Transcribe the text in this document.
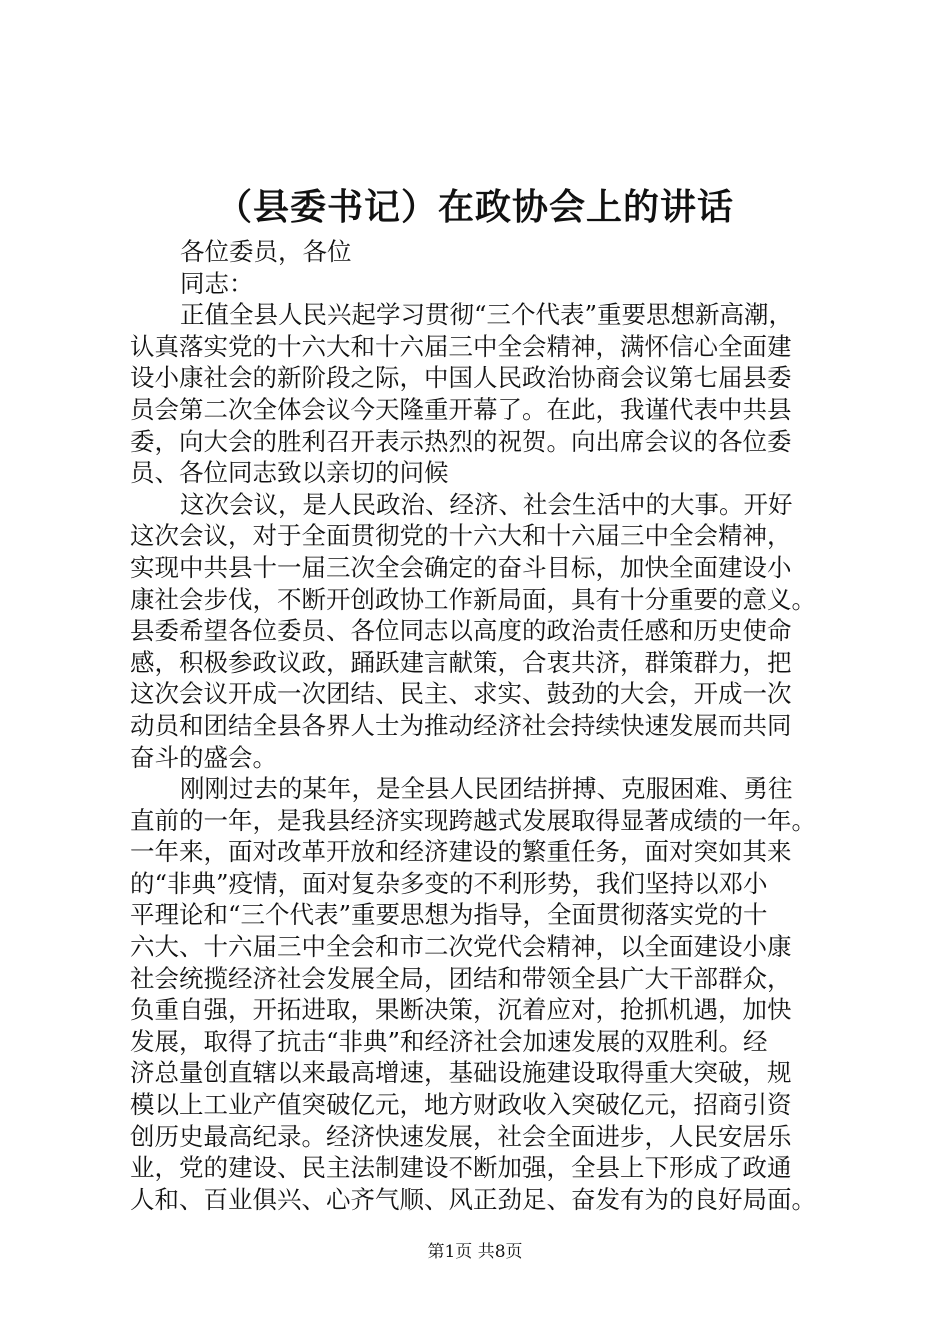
（县委书记）在政协会上的讲话
各位委员，各位
同志：
正值全县人民兴起学习贯彻“三个代表”重要思想新高潮，
认真落实党的十六大和十六届三中全会精神，满怀信心全面建
设小康社会的新阶段之际，中国人民政治协商会议第七届县委
员会第二次全体会议今天隆重开幕了。在此，我谨代表中共县
委，向大会的胜利召开表示热烈的祝贺。向出席会议的各位委
员、各位同志致以亲切的问候
这次会议，是人民政治、经济、社会生活中的大事。开好
这次会议，对于全面贯彻党的十六大和十六届三中全会精神，
实现中共县十一届三次全会确定的奋斗目标，加快全面建设小
康社会步伐，不断开创政协工作新局面，具有十分重要的意义。
县委希望各位委员、各位同志以高度的政治责任感和历史使命
感，积极参政议政，踊跃建言献策，合衷共济，群策群力，把
这次会议开成一次团结、民主、求实、鼓劲的大会，开成一次
动员和团结全县各界人士为推动经济社会持续快速发展而共同
奋斗的盛会。
刚刚过去的某年，是全县人民团结拼搏、克服困难、勇往
直前的一年，是我县经济实现跨越式发展取得显著成绩的一年。
一年来，面对改革开放和经济建设的繁重任务，面对突如其来
的“非典”疫情，面对复杂多变的不利形势，我们坚持以邓小
平理论和“三个代表”重要思想为指导，全面贯彻落实党的十
六大、十六届三中全会和市二次党代会精神，以全面建设小康
社会统揽经济社会发展全局，团结和带领全县广大干部群众，
负重自强，开拓进取，果断决策，沉着应对，抢抓机遇，加快
发展，取得了抗击“非典”和经济社会加速发展的双胜利。经
济总量创直辖以来最高增速，基础设施建设取得重大突破，规
模以上工业产值突破亿元，地方财政收入突破亿元，招商引资
创历史最高纪录。经济快速发展，社会全面进步，人民安居乐
业，党的建设、民主法制建设不断加强，全县上下形成了政通
人和、百业俱兴、心齐气顺、风正劲足、奋发有为的良好局面。
第1页 共8页
